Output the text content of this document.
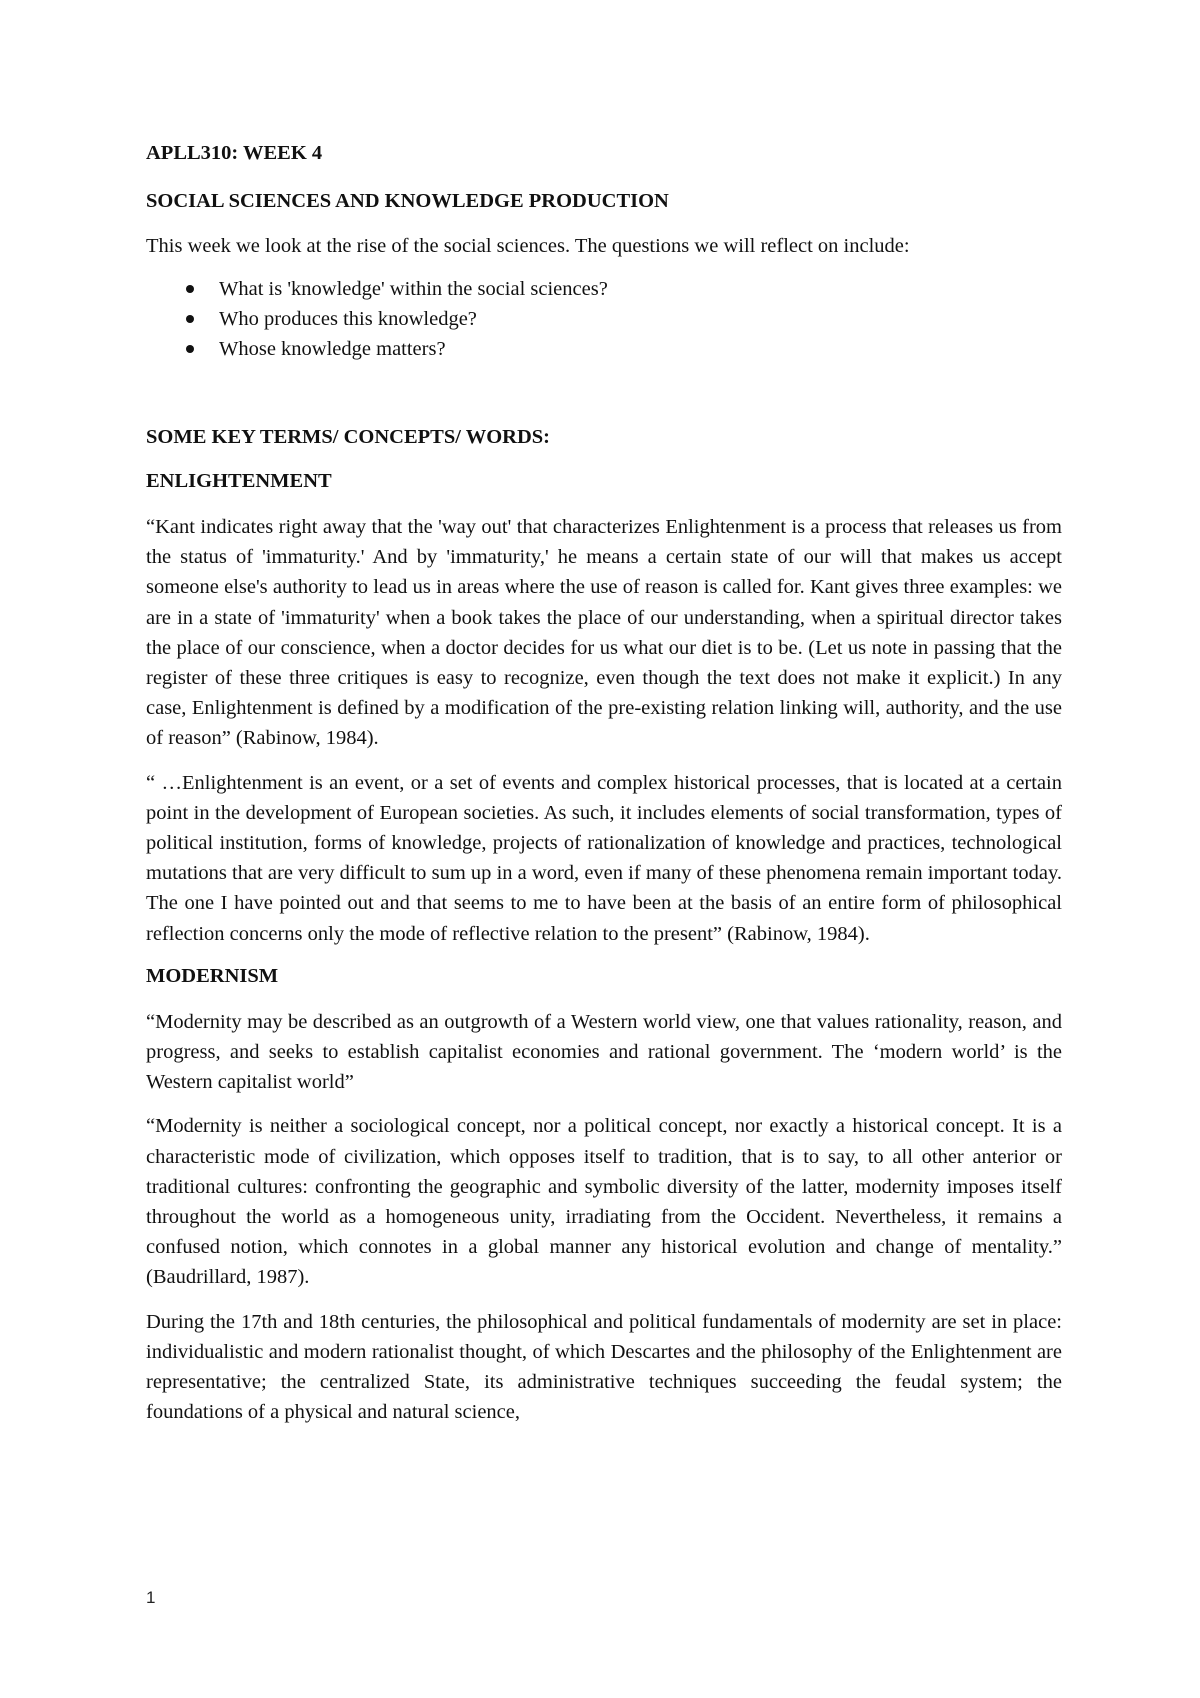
APLL310: WEEK 4
SOCIAL SCIENCES AND KNOWLEDGE PRODUCTION

This week we look at the rise of the social sciences. The questions we will reflect on include:

What is 'knowledge' within the social sciences?
Who produces this knowledge?
Whose knowledge matters?
SOME KEY TERMS/ CONCEPTS/ WORDS:
ENLIGHTENMENT

“Kant indicates right away that the 'way out' that characterizes Enlightenment is a process that releases us from the status of 'immaturity.' And by 'immaturity,' he means a certain state of our will that makes us accept someone else's authority to lead us in areas where the use of reason is called for. Kant gives three examples: we are in a state of 'immaturity' when a book takes the place of our understanding, when a spiritual director takes the place of our conscience, when a doctor decides for us what our diet is to be. (Let us note in passing that the register of these three critiques is easy to recognize, even though the text does not make it explicit.) In any case, Enlightenment is defined by a modification of the pre-existing relation linking will, authority, and the use of reason” (Rabinow, 1984).

“ …Enlightenment is an event, or a set of events and complex historical processes, that is located at a certain point in the development of European societies. As such, it includes elements of social transformation, types of political institution, forms of knowledge, projects of rationalization of knowledge and practices, technological mutations that are very difficult to sum up in a word, even if many of these phenomena remain important today. The one I have pointed out and that seems to me to have been at the basis of an entire form of philosophical reflection concerns only the mode of reflective relation to the present” (Rabinow, 1984).

MODERNISM

“Modernity may be described as an outgrowth of a Western world view, one that values rationality, reason, and progress, and seeks to establish capitalist economies and rational government. The ‘modern world’ is the Western capitalist world”

“Modernity is neither a sociological concept, nor a political concept, nor exactly a historical concept. It is a characteristic mode of civilization, which opposes itself to tradition, that is to say, to all other anterior or traditional cultures: confronting the geographic and symbolic diversity of the latter, modernity imposes itself throughout the world as a homogeneous unity, irradiating from the Occident. Nevertheless, it remains a confused notion, which connotes in a global manner any historical evolution and change of mentality.” (Baudrillard, 1987).

During the 17th and 18th centuries, the philosophical and political fundamentals of modernity are set in place: individualistic and modern rationalist thought, of which Descartes and the philosophy of the Enlightenment are representative; the centralized State, its administrative techniques succeeding the feudal system; the foundations of a physical and natural science,

1
